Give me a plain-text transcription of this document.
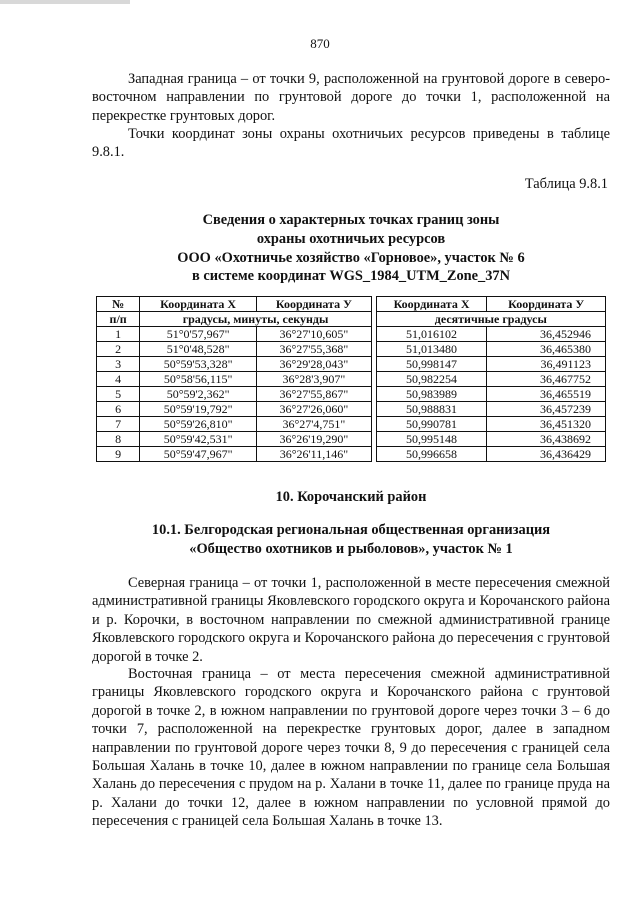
870

Западная граница – от точки 9, расположенной на грунтовой дороге в северо-восточном направлении по грунтовой дороге до точки 1, расположенной на перекрестке грунтовых дорог.

Точки координат зоны охраны охотничьих ресурсов приведены в таблице 9.8.1.

Таблица 9.8.1
Сведения о характерных точках границ зоны
охраны охотничьих ресурсов
ООО «Охотничье хозяйство «Горновое», участок № 6
в системе координат WGS_1984_UTM_Zone_37N
№	Координата Х	Координата У		Координата Х	Координата У
п/п	градусы, минуты, секунды			десятичные градусы	
1	51°0'57,967"	36°27'10,605"		51,016102	36,452946
2	51°0'48,528"	36°27'55,368"		51,013480	36,465380
3	50°59'53,328"	36°29'28,043"		50,998147	36,491123
4	50°58'56,115"	36°28'3,907"		50,982254	36,467752
5	50°59'2,362"	36°27'55,867"		50,983989	36,465519
6	50°59'19,792"	36°27'26,060"		50,988831	36,457239
7	50°59'26,810"	36°27'4,751"		50,990781	36,451320
8	50°59'42,531"	36°26'19,290"		50,995148	36,438692
9	50°59'47,967"	36°26'11,146"		50,996658	36,436429
10. Корочанский район
10.1. Белгородская региональная общественная организация
«Общество охотников и рыболовов», участок № 1

Северная граница – от точки 1, расположенной в месте пересечения смежной административной границы Яковлевского городского округа и Корочанского района и р. Корочки, в восточном направлении по смежной административной границе Яковлевского городского округа и Корочанского района до пересечения с грунтовой дорогой в точке 2.

Восточная граница – от места пересечения смежной административной границы Яковлевского городского округа и Корочанского района с грунтовой дорогой в точке 2, в южном направлении по грунтовой дороге через точки 3 – 6 до точки 7, расположенной на перекрестке грунтовых дорог, далее в западном направлении по грунтовой дороге через точки 8, 9 до пересечения с границей села Большая Халань в точке 10, далее в южном направлении по границе села Большая Халань до пересечения с прудом на р. Халани в точке 11, далее по границе пруда на р. Халани до точки 12, далее в южном направлении по условной прямой до пересечения с границей села Большая Халань в точке 13.
